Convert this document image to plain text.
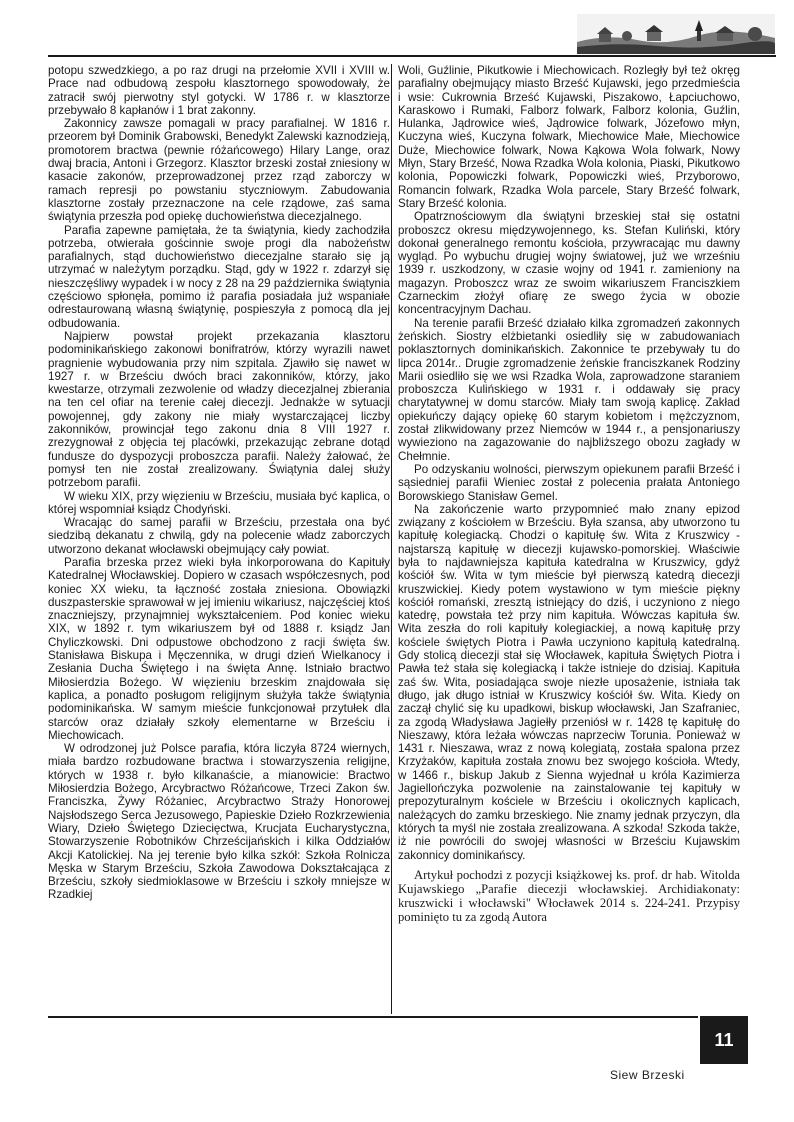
potopu szwedzkiego, a po raz drugi na przełomie XVII i XVIII w. Prace nad odbudową zespołu klasztornego spowodowały, że zatracił swój pierwotny styl gotycki. W 1786 r. w klasztorze przebywało 8 kapłanów i 1 brat zakonny.

Zakonnicy zawsze pomagali w pracy parafialnej. W 1816 r. przeorem był Dominik Grabowski, Benedykt Zalewski kaznodzieją, promotorem bractwa (pewnie różańcowego) Hilary Lange, oraz dwaj bracia, Antoni i Grzegorz. Klasztor brzeski został zniesiony w kasacie zakonów, przeprowadzonej przez rząd zaborczy w ramach represji po powstaniu styczniowym. Zabudowania klasztorne zostały przeznaczone na cele rządowe, zaś sama świątynia przeszła pod opiekę duchowieństwa diecezjalnego.

Parafia zapewne pamiętała, że ta świątynia, kiedy zachodziła potrzeba, otwierała gościnnie swoje progi dla nabożeństw parafialnych, stąd duchowieństwo diecezjalne starało się ją utrzymać w należytym porządku. Stąd, gdy w 1922 r. zdarzył się nieszczęśliwy wypadek i w nocy z 28 na 29 października świątynia częściowo spłonęła, pomimo iż parafia posiadała już wspaniałe odrestaurowaną własną świątynię, pospieszyła z pomocą dla jej odbudowania.

Najpierw powstał projekt przekazania klasztoru podominikańskiego zakonowi bonifratrów, którzy wyrazili nawet pragnienie wybudowania przy nim szpitala. Zjawiło się nawet w 1927 r. w Brześciu dwóch braci zakonników, którzy, jako kwestarze, otrzymali zezwolenie od władzy diecezjalnej zbierania na ten cel ofiar na terenie całej diecezji. Jednakże w sytuacji powojennej, gdy zakony nie miały wystarczającej liczby zakonników, prowincjał tego zakonu dnia 8 VIII 1927 r. zrezygnował z objęcia tej placówki, przekazując zebrane dotąd fundusze do dyspozycji proboszcza parafii. Należy żałować, że pomysł ten nie został zrealizowany. Świątynia dalej służy potrzebom parafii.

W wieku XIX, przy więzieniu w Brześciu, musiała być kaplica, o której wspomniał ksiądz Chodyński.

Wracając do samej parafii w Brześciu, przestała ona być siedzibą dekanatu z chwilą, gdy na polecenie władz zaborczych utworzono dekanat włocławski obejmujący cały powiat.

Parafia brzeska przez wieki była inkorporowana do Kapituły Katedralnej Włocławskiej. Dopiero w czasach współczesnych, pod koniec XX wieku, ta łączność została zniesiona. Obowiązki duszpasterskie sprawował w jej imieniu wikariusz, najczęściej ktoś znaczniejszy, przynajmniej wykształceniem. Pod koniec wieku XIX, w 1892 r. tym wikariuszem był od 1888 r. ksiądz Jan Chyliczkowski. Dni odpustowe obchodzono z racji święta św. Stanisława Biskupa i Męczennika, w drugi dzień Wielkanocy i Zesłania Ducha Świętego i na święta Annę. Istniało bractwo Miłosierdzia Bożego. W więzieniu brzeskim znajdowała się kaplica, a ponadto posługom religijnym służyła także świątynia podominikańska. W samym mieście funkcjonował przytułek dla starców oraz działały szkoły elementarne w Brześciu i Miechowicach.

W odrodzonej już Polsce parafia, która liczyła 8724 wiernych, miała bardzo rozbudowane bractwa i stowarzyszenia religijne, których w 1938 r. było kilkanaście, a mianowicie: Bractwo Miłosierdzia Bożego, Arcybractwo Różańcowe, Trzeci Zakon św. Franciszka, Żywy Różaniec, Arcybractwo Straży Honorowej Najsłodszego Serca Jezusowego, Papieskie Dzieło Rozkrzewienia Wiary, Dzieło Świętego Dziecięctwa, Krucjata Eucharystyczna, Stowarzyszenie Robotników Chrześcijańskich i kilka Oddziałów Akcji Katolickiej. Na jej terenie było kilka szkół: Szkoła Rolnicza Męska w Starym Brześciu, Szkoła Zawodowa Dokształcająca z Brześciu, szkoły siedmioklasowe w Brześciu i szkoły mniejsze w Rzadkiej

Woli, Guźlinie, Pikutkowie i Miechowicach. Rozległy był też okręg parafialny obejmujący miasto Brześć Kujawski, jego przedmieścia i wsie: Cukrownia Brześć Kujawski, Piszakowo, Łapciuchowo, Karaskowo i Rumaki, Falborz folwark, Falborz kolonia, Guźlin, Hulanka, Jądrowice wieś, Jądrowice folwark, Józefowo młyn, Kuczyna wieś, Kuczyna folwark, Miechowice Małe, Miechowice Duże, Miechowice folwark, Nowa Kąkowa Wola folwark, Nowy Młyn, Stary Brześć, Nowa Rzadka Wola kolonia, Piaski, Pikutkowo kolonia, Popowiczki folwark, Popowiczki wieś, Przyborowo, Romancin folwark, Rzadka Wola parcele, Stary Brześć folwark, Stary Brześć kolonia.

Opatrznościowym dla świątyni brzeskiej stał się ostatni proboszcz okresu międzywojennego, ks. Stefan Kuliński, który dokonał generalnego remontu kościoła, przywracając mu dawny wygląd. Po wybuchu drugiej wojny światowej, już we wrześniu 1939 r. uszkodzony, w czasie wojny od 1941 r. zamieniony na magazyn. Proboszcz wraz ze swoim wikariuszem Franciszkiem Czarneckim złożył ofiarę ze swego życia w obozie koncentracyjnym Dachau.

Na terenie parafii Brześć działało kilka zgromadzeń zakonnych żeńskich. Siostry elżbietanki osiedliły się w zabudowaniach poklasztornych dominikańskich. Zakonnice te przebywały tu do lipca 2014r.. Drugie zgromadzenie żeńskie franciszkanek Rodziny Marii osiedliło się we wsi Rzadka Wola, zaprowadzone staraniem proboszcza Kulińskiego w 1931 r. i oddawały się pracy charytatywnej w domu starców. Miały tam swoją kaplicę. Zakład opiekuńczy dający opiekę 60 starym kobietom i mężczyznom, został zlikwidowany przez Niemców w 1944 r., a pensjonariuszy wywieziono na zagazowanie do najbliższego obozu zagłady w Chełmnie.

Po odzyskaniu wolności, pierwszym opiekunem parafii Brześć i sąsiedniej parafii Wieniec został z polecenia prałata Antoniego Borowskiego Stanisław Gemel.

Na zakończenie warto przypomnieć mało znany epizod związany z kościołem w Brześciu. Była szansa, aby utworzono tu kapitułę kolegiacką. Chodzi o kapitułę św. Wita z Kruszwicy - najstarszą kapitułę w diecezji kujawsko-pomorskiej. Właściwie była to najdawniejsza kapituła katedralna w Kruszwicy, gdyż kościół św. Wita w tym mieście był pierwszą katedrą diecezji kruszwickiej. Kiedy potem wystawiono w tym mieście piękny kościół romański, zresztą istniejący do dziś, i uczyniono z niego katedrę, powstała też przy nim kapituła. Wówczas kapituła św. Wita zeszła do roli kapituły kolegiackiej, a nową kapitułę przy kościele świętych Piotra i Pawła uczyniono kapitułą katedralną. Gdy stolicą diecezji stał się Włocławek, kapituła Świętych Piotra i Pawła też stała się kolegiacką i także istnieje do dzisiaj. Kapituła zaś św. Wita, posiadająca swoje niezłe uposażenie, istniała tak długo, jak długo istniał w Kruszwicy kościół św. Wita. Kiedy on zaczął chylić się ku upadkowi, biskup włocławski, Jan Szafraniec, za zgodą Władysława Jagiełły przeniósł w r. 1428 tę kapitułę do Nieszawy, która leżała wówczas naprzeciw Torunia. Ponieważ w 1431 r. Nieszawa, wraz z nową kolegiatą, została spalona przez Krzyżaków, kapituła została znowu bez swojego kościoła. Wtedy, w 1466 r., biskup Jakub z Sienna wyjednał u króla Kazimierza Jagiellończyka pozwolenie na zainstalowanie tej kapituły w prepozyturalnym kościele w Brześciu i okolicznych kaplicach, należących do zamku brzeskiego. Nie znamy jednak przyczyn, dla których ta myśl nie została zrealizowana. A szkoda! Szkoda także, iż nie powrócili do swojej własności w Brześciu Kujawskim zakonnicy dominikańscy.

Artykuł pochodzi z pozycji książkowej ks. prof. dr hab. Witolda Kujawskiego „Parafie diecezji włocławskiej. Archidiakonaty: kruszwicki i włocławski" Włocławek 2014 s. 224-241. Przypisy pominięto tu za zgodą Autora

Siew Brzeski
11
